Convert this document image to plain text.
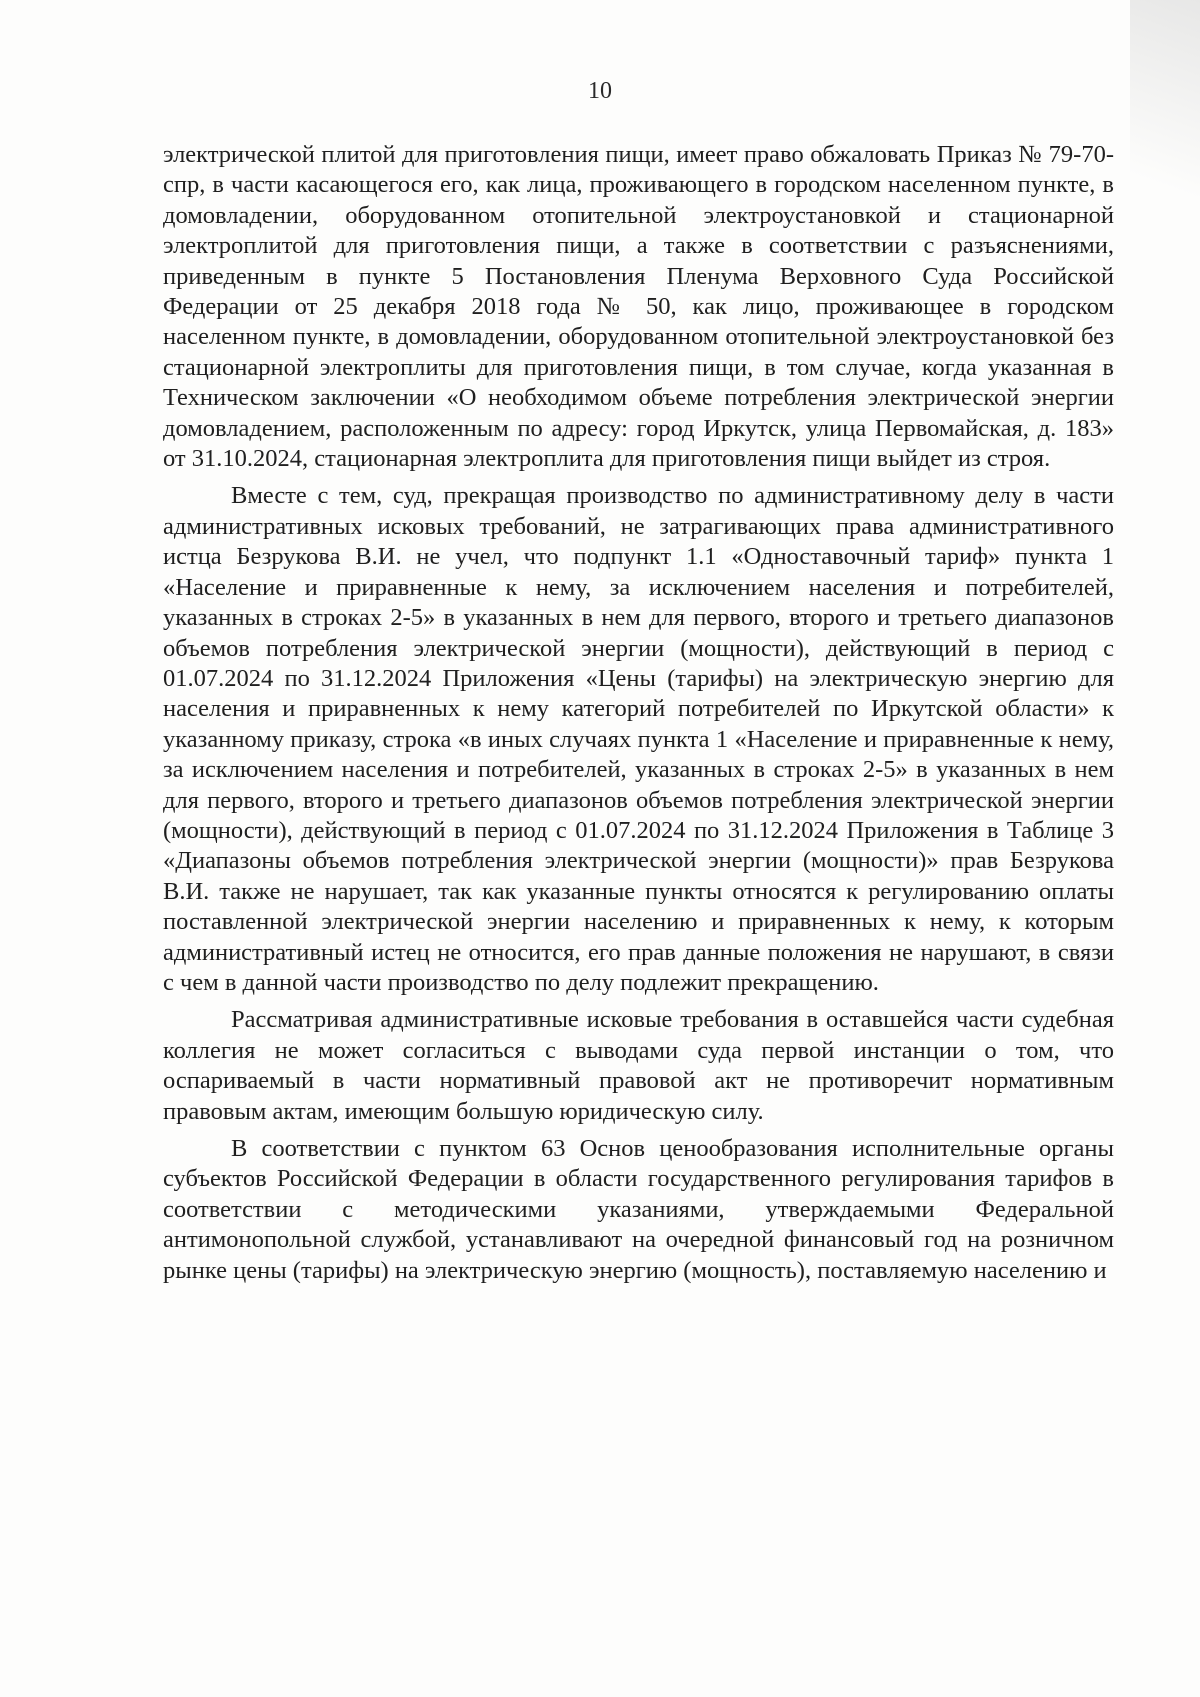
10

электрической плитой для приготовления пищи, имеет право обжаловать Приказ № 79-70-спр, в части касающегося его, как лица, проживающего в городском населенном пункте, в домовладении, оборудованном отопительной электроустановкой и стационарной электроплитой для приготовления пищи, а также в соответствии с разъяснениями, приведенным в пункте 5 Постановления Пленума Верховного Суда Российской Федерации от 25 декабря 2018 года № 50, как лицо, проживающее в городском населенном пункте, в домовладении, оборудованном отопительной электроустановкой без стационарной электроплиты для приготовления пищи, в том случае, когда указанная в Техническом заключении «О необходимом объеме потребления электрической энергии домовладением, расположенным по адресу: город Иркутск, улица Первомайская, д. 183» от 31.10.2024, стационарная электроплита для приготовления пищи выйдет из строя.

Вместе с тем, суд, прекращая производство по административному делу в части административных исковых требований, не затрагивающих права административного истца Безрукова В.И. не учел, что подпункт 1.1 «Одноставочный тариф» пункта 1 «Население и приравненные к нему, за исключением населения и потребителей, указанных в строках 2-5» в указанных в нем для первого, второго и третьего диапазонов объемов потребления электрической энергии (мощности), действующий в период с 01.07.2024 по 31.12.2024 Приложения «Цены (тарифы) на электрическую энергию для населения и приравненных к нему категорий потребителей по Иркутской области» к указанному приказу, строка «в иных случаях пункта 1 «Население и приравненные к нему, за исключением населения и потребителей, указанных в строках 2-5» в указанных в нем для первого, второго и третьего диапазонов объемов потребления электрической энергии (мощности), действующий в период с 01.07.2024 по 31.12.2024 Приложения в Таблице 3 «Диапазоны объемов потребления электрической энергии (мощности)» прав Безрукова В.И. также не нарушает, так как указанные пункты относятся к регулированию оплаты поставленной электрической энергии населению и приравненных к нему, к которым административный истец не относится, его прав данные положения не нарушают, в связи с чем в данной части производство по делу подлежит прекращению.

Рассматривая административные исковые требования в оставшейся части судебная коллегия не может согласиться с выводами суда первой инстанции о том, что оспариваемый в части нормативный правовой акт не противоречит нормативным правовым актам, имеющим большую юридическую силу.

В соответствии с пунктом 63 Основ ценообразования исполнительные органы субъектов Российской Федерации в области государственного регулирования тарифов в соответствии с методическими указаниями, утверждаемыми Федеральной антимонопольной службой, устанавливают на очередной финансовый год на розничном рынке цены (тарифы) на электрическую энергию (мощность), поставляемую населению и
